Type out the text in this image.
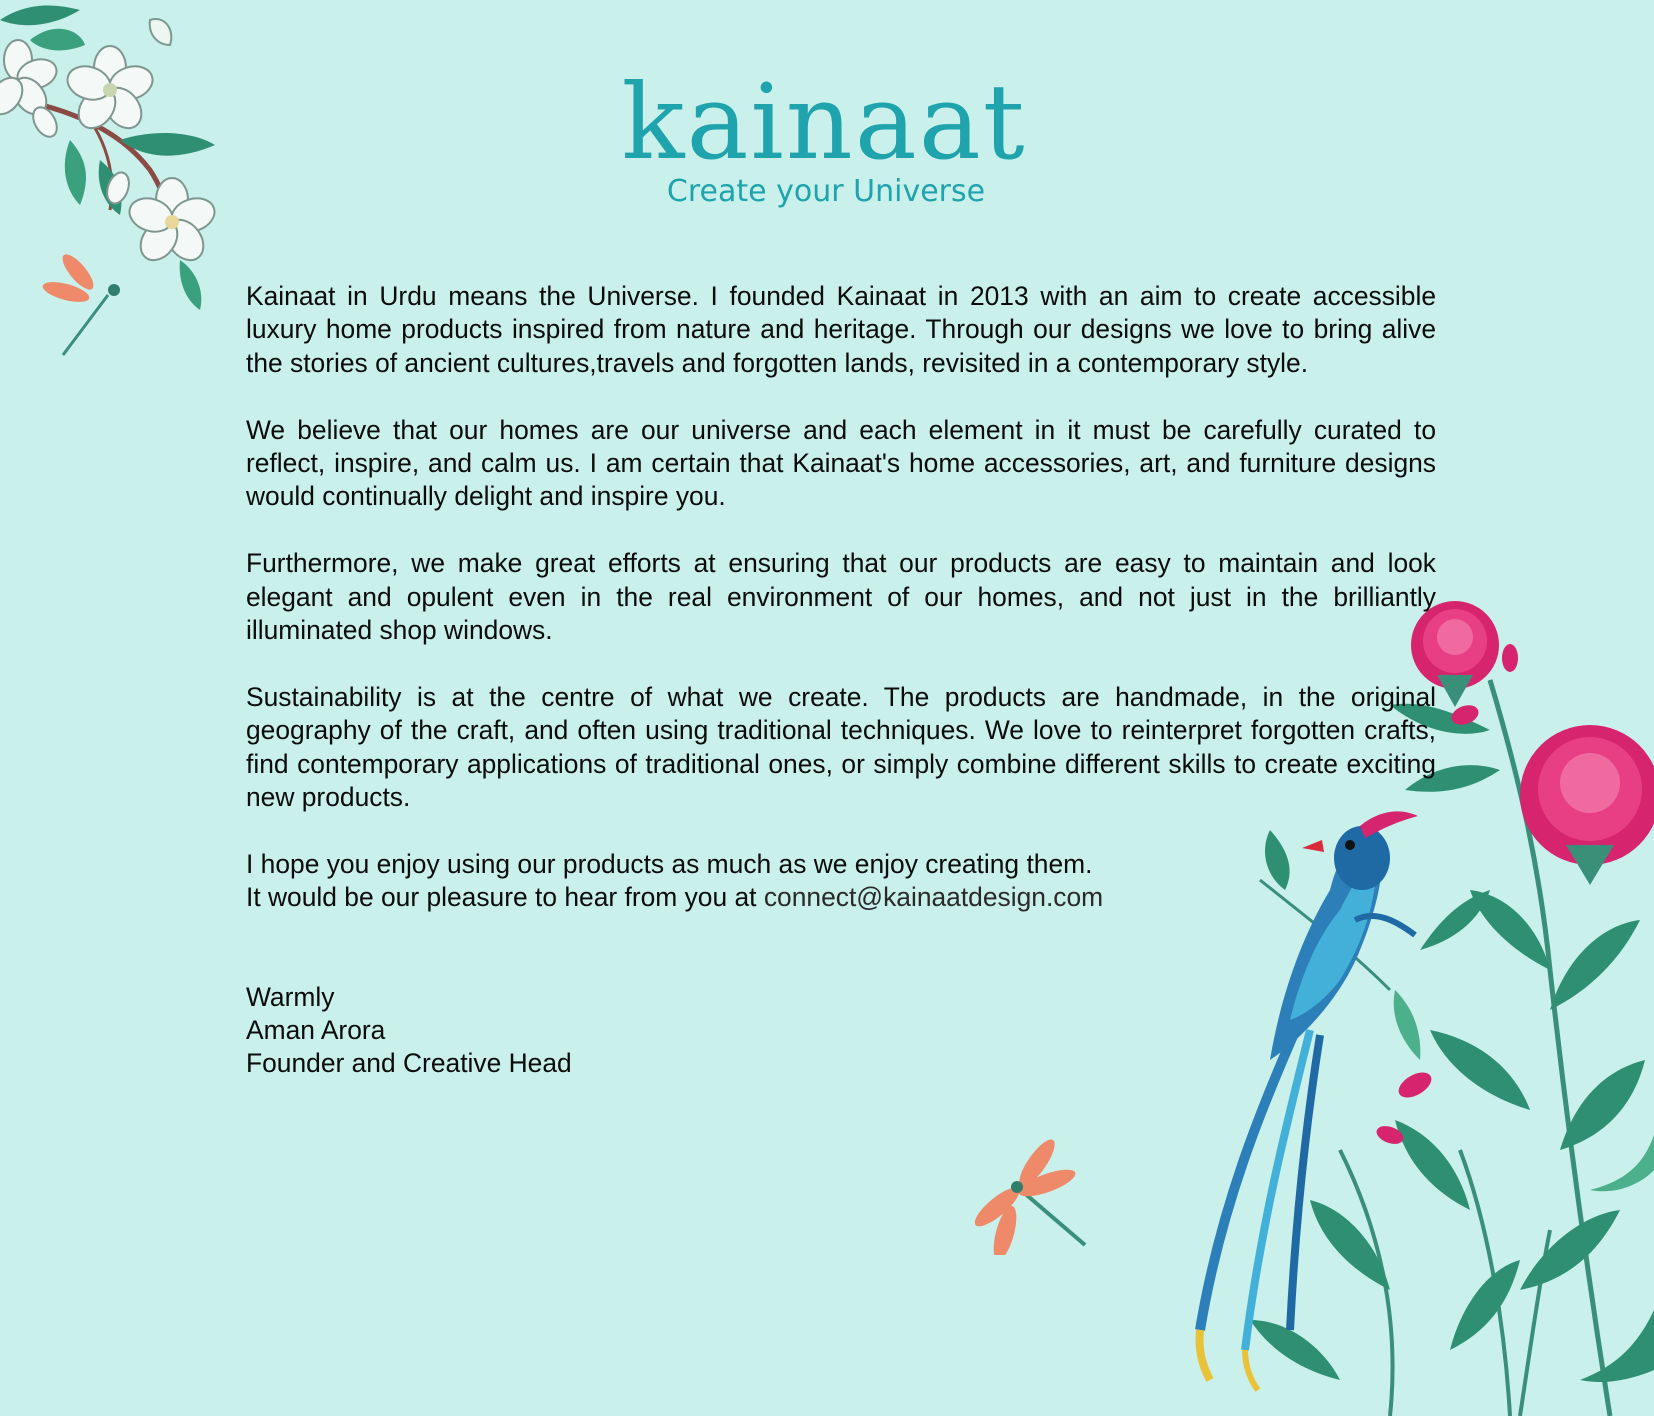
kainaat
Create your Universe

Kainaat in Urdu means the Universe. I founded Kainaat in 2013 with an aim to create accessible luxury home products inspired from nature and heritage. Through our designs we love to bring alive the stories of ancient cultures,travels and forgotten lands, revisited in a contemporary style.

We believe that our homes are our universe and each element in it must be carefully curated to reflect, inspire, and calm us. I am certain that Kainaat's home accessories, art, and furniture designs would continually delight and inspire you.

Furthermore, we make great efforts at ensuring that our products are easy to maintain and look elegant and opulent even in the real environment of our homes, and not just in the brilliantly illuminated shop windows.

Sustainability is at the centre of what we create. The products are handmade, in the original geography of the craft, and often using traditional techniques. We love to reinterpret forgotten crafts, find contemporary applications of traditional ones, or simply combine different skills to create exciting new products.

I hope you enjoy using our products as much as we enjoy creating them.
It would be our pleasure to hear from you at connect@kainaatdesign.com

Warmly
Aman Arora
Founder and Creative Head
